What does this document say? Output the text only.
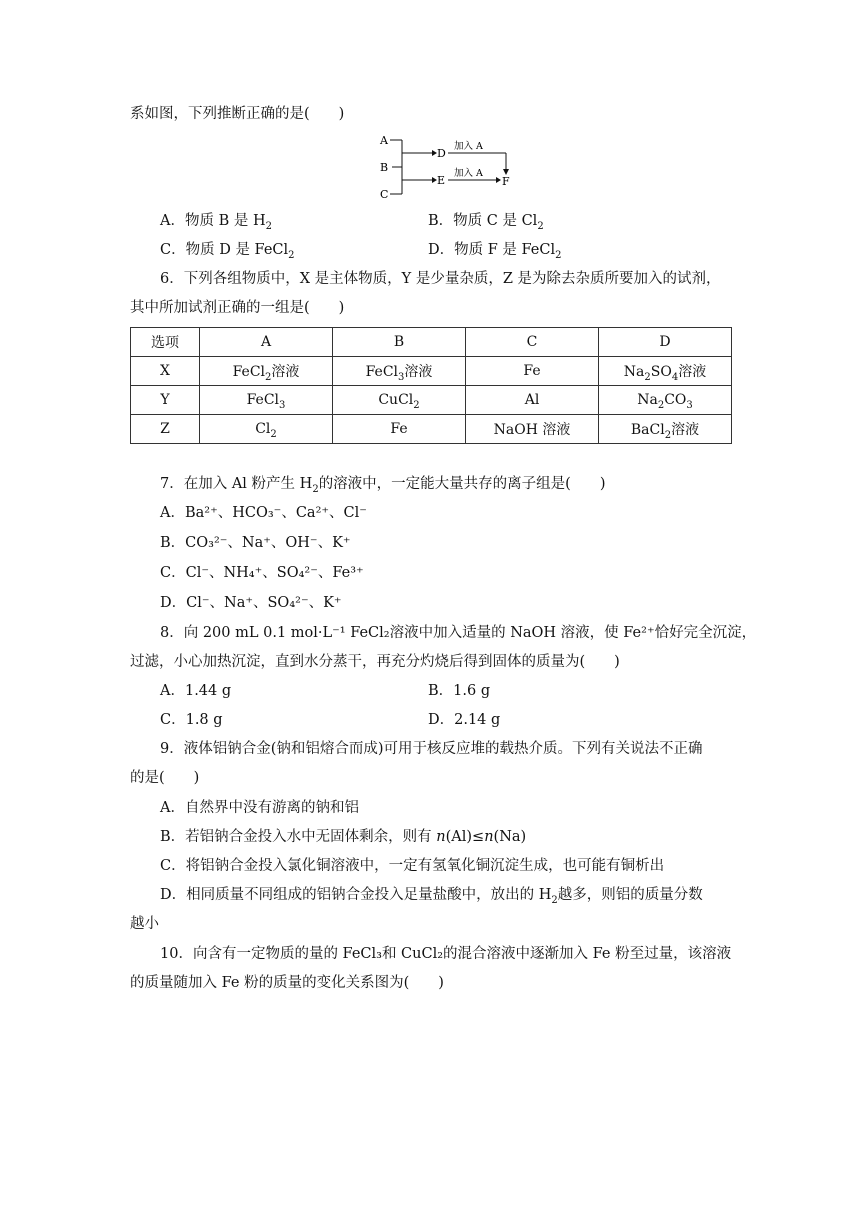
系如图，下列推断正确的是(　　)
A
B
C
D
E
加入 A
加入 A
F
A．物质 B 是 $H_2$	B．物质 C 是 $Cl_2$
C．物质 D 是 FeCl$_2$	D．物质 F 是 FeCl$_2$
6．下列各组物质中，X 是主体物质，Y 是少量杂质，Z 是为除去杂质所要加入的试剂，
其中所加试剂正确的一组是(　　)
选项	A	B	C	D
X	FeCl$_2$溶液	FeCl$_3$溶液	Fe	$Na_2SO_4$溶液
Y	FeCl$_3$	CuCl$_2$	Al	$Na_2CO_3$
Z	$Cl_2$	Fe	NaOH 溶液	BaCl$_2$溶液
7．在加入 Al 粉产生 $H_2$的溶液中，一定能大量共存的离子组是(　　)
A．Ba²⁺、HCO₃⁻、Ca²⁺、Cl⁻
B．CO₃²⁻、Na⁺、OH⁻、K⁺
C．Cl⁻、NH₄⁺、SO₄²⁻、Fe³⁺
D．Cl⁻、Na⁺、SO₄²⁻、K⁺
8．向 200 mL 0.1 mol·L⁻¹ FeCl₂溶液中加入适量的 NaOH 溶液，使 Fe²⁺恰好完全沉淀，
过滤，小心加热沉淀，直到水分蒸干，再充分灼烧后得到固体的质量为(　　)
A．1.44 g	B．1.6 g
C．1.8 g	D．2.14 g
9．液体铝钠合金(钠和铝熔合而成)可用于核反应堆的载热介质。下列有关说法不正确
的是(　　)
A．自然界中没有游离的钠和铝
B．若铝钠合金投入水中无固体剩余，则有 n(Al)≤n(Na)
C．将铝钠合金投入氯化铜溶液中，一定有氢氧化铜沉淀生成，也可能有铜析出
D．相同质量不同组成的铝钠合金投入足量盐酸中，放出的 $H_2$越多，则铝的质量分数
越小
10．向含有一定物质的量的 FeCl₃和 CuCl₂的混合溶液中逐渐加入 Fe 粉至过量，该溶液
的质量随加入 Fe 粉的质量的变化关系图为(　　)
